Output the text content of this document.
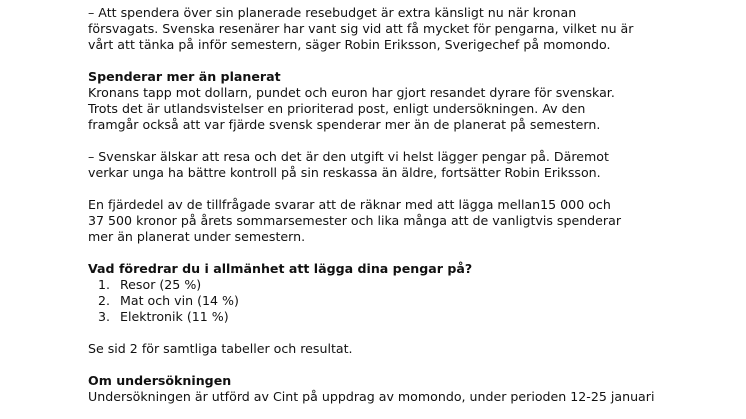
– Att spendera över sin planerade resebudget är extra känsligt nu när kronan
försvagats. Svenska resenärer har vant sig vid att få mycket för pengarna, vilket nu är
vårt att tänka på inför semestern, säger Robin Eriksson, Sverigechef på momondo.

Spenderar mer än planerat

Kronans tapp mot dollarn, pundet och euron har gjort resandet dyrare för svenskar.
Trots det är utlandsvistelser en prioriterad post, enligt undersökningen. Av den
framgår också att var fjärde svensk spenderar mer än de planerat på semestern.

– Svenskar älskar att resa och det är den utgift vi helst lägger pengar på. Däremot
verkar unga ha bättre kontroll på sin reskassa än äldre, fortsätter Robin Eriksson.

En fjärdedel av de tillfrågade svarar att de räknar med att lägga mellan15 000 och
37 500 kronor på årets sommarsemester och lika många att de vanligtvis spenderar
mer än planerat under semestern.

Vad föredrar du i allmänhet att lägga dina pengar på?

1. Resor (25 %)
2. Mat och vin (14 %)
3. Elektronik (11 %)

Se sid 2 för samtliga tabeller och resultat.

Om undersökningen

Undersökningen är utförd av Cint på uppdrag av momondo, under perioden 12-25 januari
